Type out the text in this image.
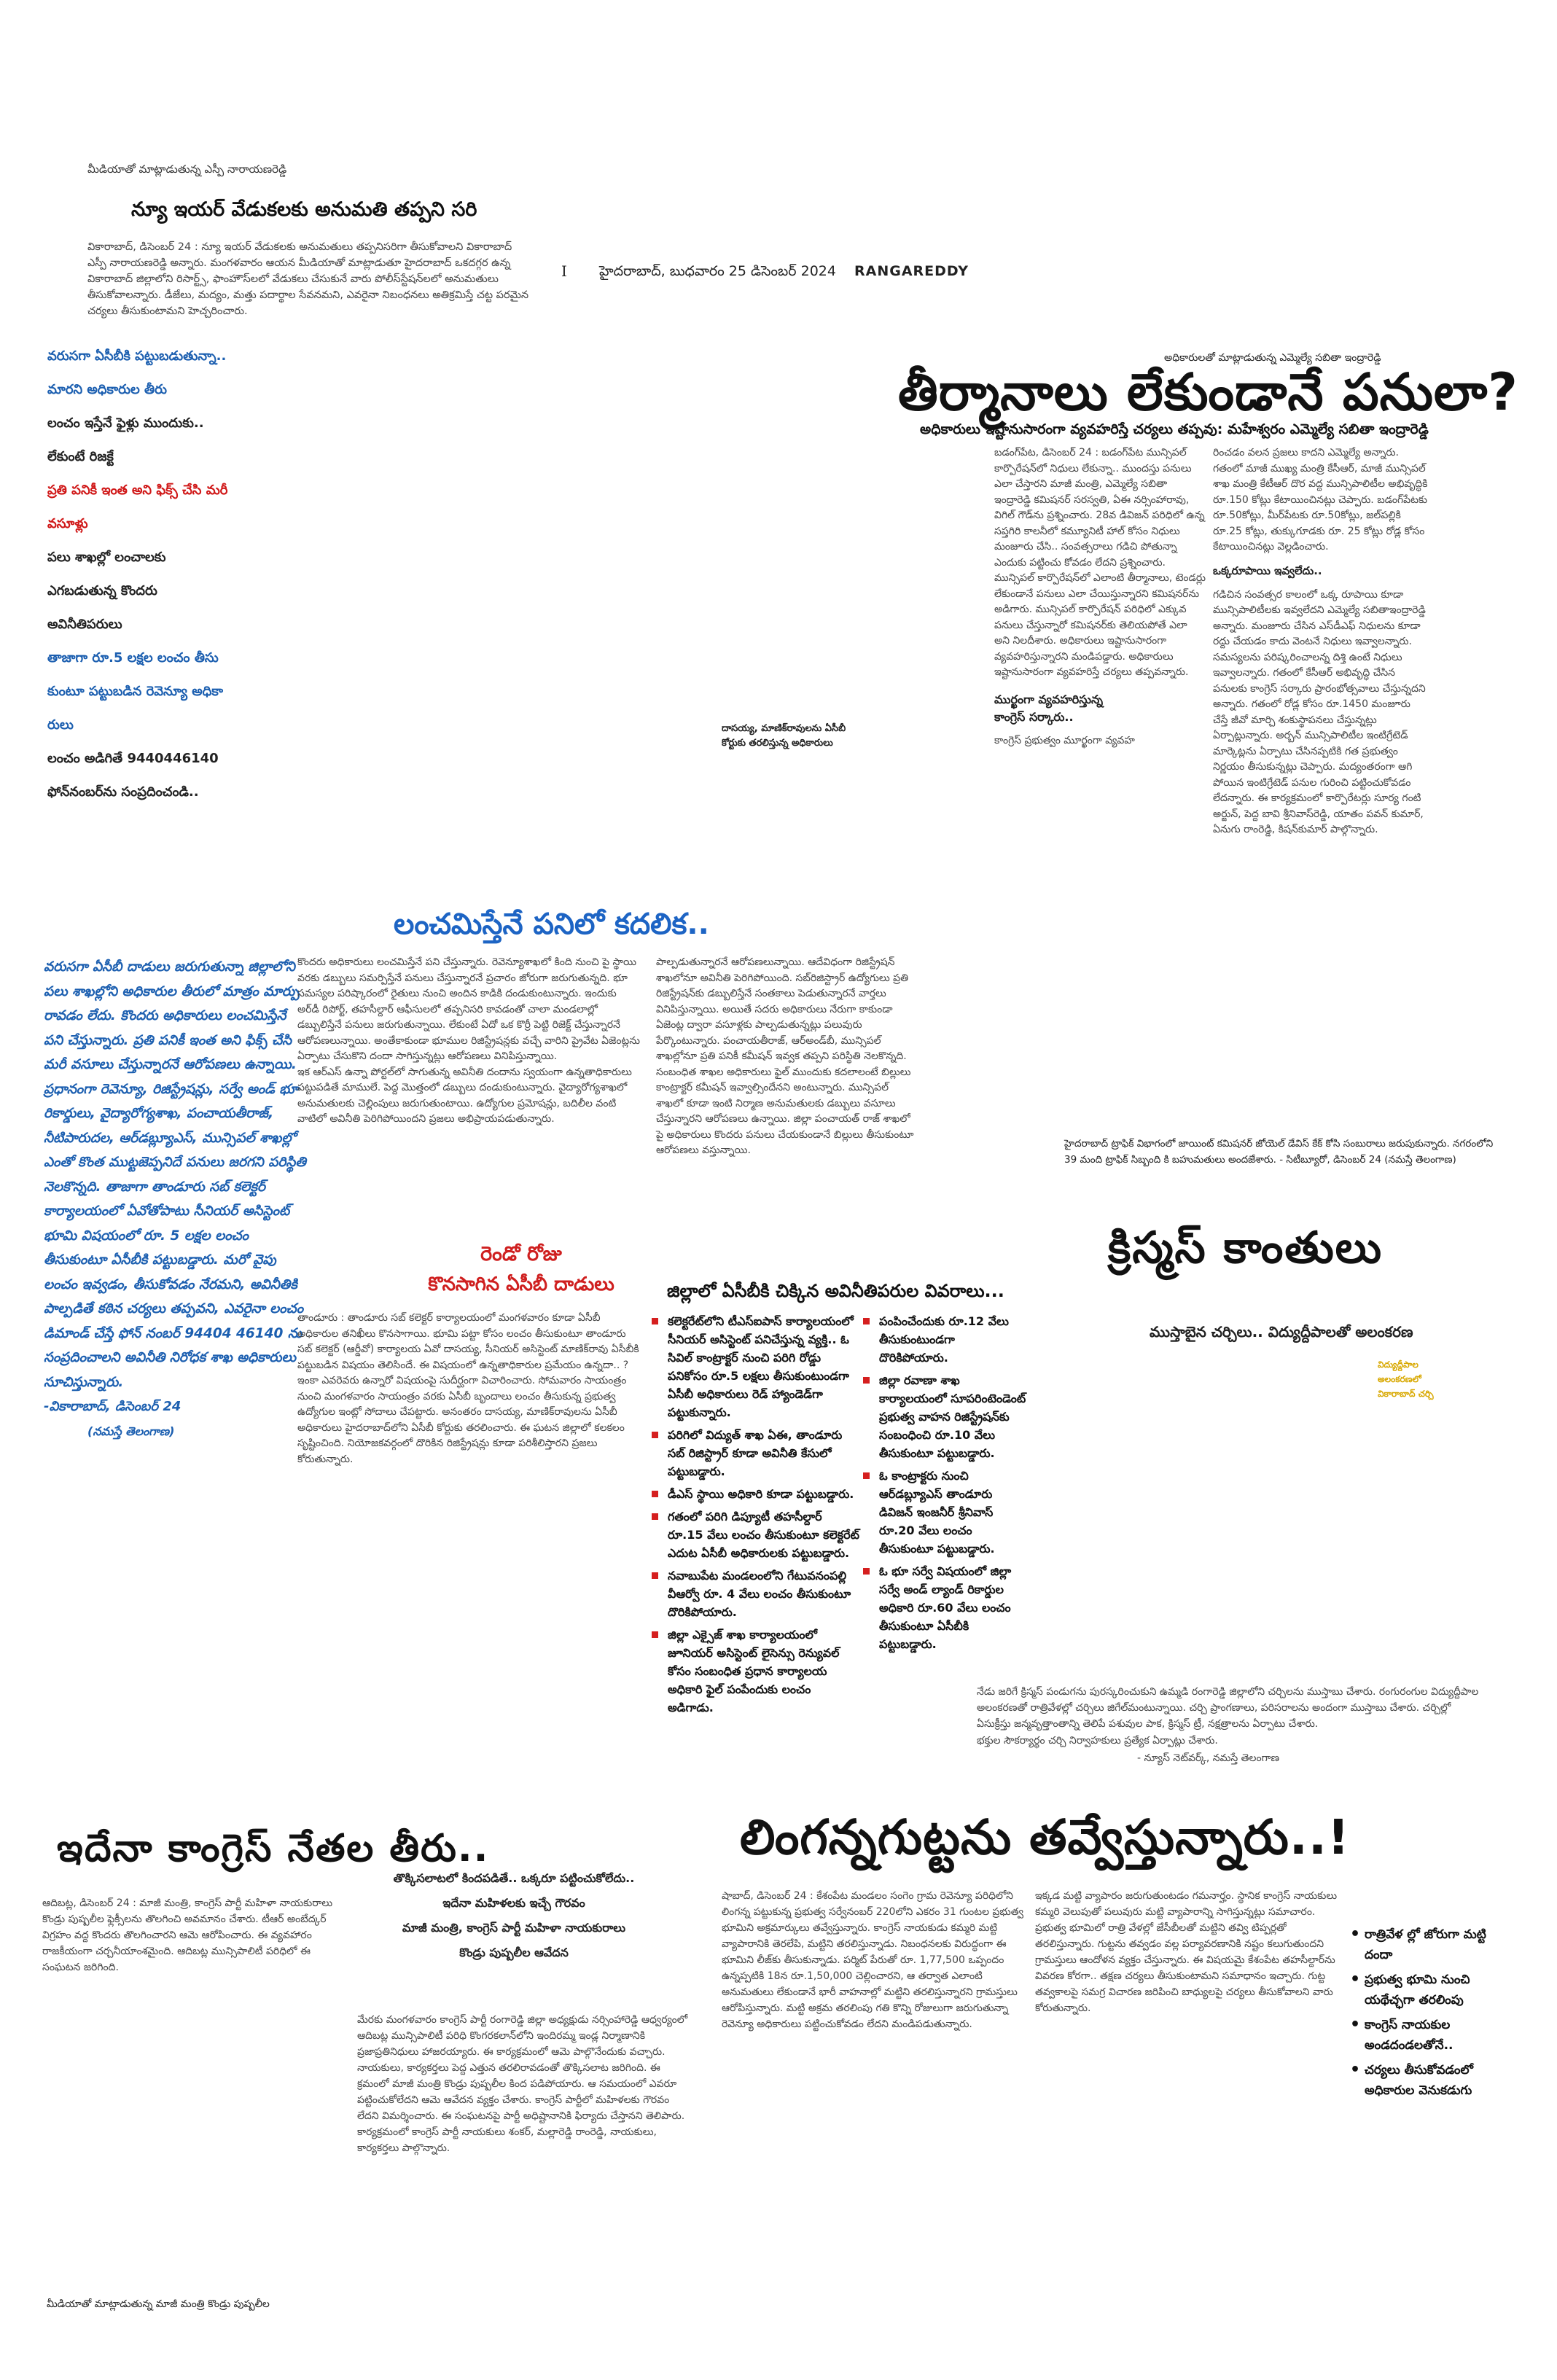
మీడియాతో మాట్లాడుతున్న ఎస్పీ నారాయణరెడ్డి
న్యూ ఇయర్ వేడుకలకు అనుమతి తప్పని సరి

వికారాబాద్, డిసెంబర్ 24 : న్యూ ఇయర్ వేడుకలకు అనుమతులు తప్పనిసరిగా తీసుకోవాలని వికారాబాద్ ఎస్పీ నారాయణరెడ్డి అన్నారు. మంగళవారం ఆయన మీడియాతో మాట్లాడుతూ హైదరాబాద్ ఒకదగ్గర ఉన్న వికారాబాద్ జిల్లాలోని రిసార్ట్స్, ఫాంహౌస్‌లలో వేడుకలు చేసుకునే వారు పోలీస్‌స్టేషన్‌లలో అనుమతులు తీసుకోవాలన్నారు. డీజేలు, మద్యం, మత్తు పదార్థాల సేవనమని, ఎవరైనా నిబంధనలు అతిక్రమిస్తే చట్ట పరమైన చర్యలు తీసుకుంటామని హెచ్చరించారు.

I హైదరాబాద్, బుధవారం 25 డిసెంబర్ 2024 RANGAREDDY
వరుసగా ఏసీబీకి పట్టుబడుతున్నా..
మారని అధికారుల తీరు
లంచం ఇస్తేనే ఫైళ్లు ముందుకు..
లేకుంటే రిజక్టే
ప్రతి పనికీ ఇంత అని ఫిక్స్ చేసి మరీ
వసూళ్లు
పలు శాఖల్లో లంచాలకు
ఎగబడుతున్న కొందరు
అవినీతిపరులు
తాజాగా రూ.5 లక్షల లంచం తీసు
కుంటూ పట్టుబడిన రెవెన్యూ అధికా
రులు
లంచం అడిగితే 9440446140
ఫోన్‌నంబర్‌ను సంప్రదించండి..
అధికారులతో మాట్లాడుతున్న ఎమ్మెల్యే సబితా ఇంద్రారెడ్డి
తీర్మానాలు లేకుండానే పనులా?
అధికారులు ఇష్టానుసారంగా వ్యవహరిస్తే చర్యలు తప్పవు: మహేశ్వరం ఎమ్మెల్యే సబితా ఇంద్రారెడ్డి

బడంగ్‌పేట, డిసెంబర్ 24 : బడంగ్‌పేట మున్సిపల్ కార్పొరేషన్‌లో నిధులు లేకున్నా.. ముందస్తు పనులు ఎలా చేస్తారని మాజీ మంత్రి, ఎమ్మెల్యే సబితా ఇంద్రారెడ్డి కమిషనర్ సరస్వతి, ఏఈ నర్సింహారావు, విగిల్ గౌడ్‌ను ప్రశ్నించారు. 28వ డివిజన్ పరిధిలో ఉన్న సప్తగిరి కాలనీలో కమ్యూనిటీ హాల్ కోసం నిధులు మంజూరు చేసి.. సంవత్సరాలు గడిచి పోతున్నా ఎందుకు పట్టించు కోవడం లేదని ప్రశ్నించారు. మున్సిపల్ కార్పొరేషన్‌లో ఎలాంటి తీర్మానాలు, టెండర్లు లేకుండానే పనులు ఎలా చేయిస్తున్నారని కమిషనర్‌ను అడిగారు. మున్సిపల్ కార్పొరేషన్ పరిధిలో ఎక్కువ పనులు చేస్తున్నారో కమిషనర్‌కు తెలియపోతే ఎలా అని నిలదీశారు. అధికారులు ఇష్టానుసారంగా వ్యవహరిస్తున్నారని మండిపడ్డారు. అధికారులు ఇష్టానుసారంగా వ్యవహరిస్తే చర్యలు తప్పవన్నారు.

ముర్ఖంగా వ్యవహరిస్తున్న
కాంగ్రెస్ సర్కారు..
కాంగ్రెస్ ప్రభుత్వం మూర్ఖంగా వ్యవహ

రించడం వలన ప్రజలు కాదని ఎమ్మెల్యే అన్నారు. గతంలో మాజీ ముఖ్య మంత్రి కేసీఆర్, మాజీ మున్సిపల్ శాఖ మంత్రి కేటీఆర్ దొర వద్ద మున్సిపాలిటీల అభివృద్ధికి రూ.150 కోట్లు కేటాయించినట్లు చెప్పారు. బడంగ్‌పేటకు రూ.50కోట్లు, మీర్‌పేటకు రూ.50కోట్లు, జల్‌పల్లికి రూ.25 కోట్లు, తుక్కుగూడకు రూ. 25 కోట్లు రోడ్ల కోసం కేటాయించినట్లు వెల్లడించారు.

ఒక్కరూపాయి ఇవ్వలేదు..

గడిచిన సంవత్సర కాలంలో ఒక్క రూపాయి కూడా మున్సిపాలిటీలకు ఇవ్వలేదని ఎమ్మెల్యే సబితాఇంద్రారెడ్డి అన్నారు. మంజూరు చేసిన ఎస్‌డీఎఫ్ నిధులను కూడా రద్దు చేయడం కాదు వెంటనే నిధులు ఇవ్వాలన్నారు. సమస్యలను పరిష్కరించాలన్న దిశ్తి ఉంటే నిధులు ఇవ్వాలన్నారు. గతంలో కేసీఆర్ అభివృద్ధి చేసిన పనులకు కాంగ్రెస్ సర్కారు ప్రారంభోత్సవాలు చేస్తున్నదని అన్నారు. గతంలో రోడ్ల కోసం రూ.1450 మంజూరు చేస్తే జీవో మార్చి శంకుస్థాపనలు చేస్తున్నట్లు ఏర్పాట్లున్నారు. అర్బన్ మున్సిపాలిటీల ఇంటిగ్రేటెడ్ మార్కెట్లను ఏర్పాటు చేసినప్పటికి గత ప్రభుత్వం నిర్ణయం తీసుకున్నట్లు చెప్పారు. మద్యంతరంగా ఆగి పోయిన ఇంటిగ్రేటెడ్ పనుల గురించి పట్టించుకోవడం లేదన్నారు. ఈ కార్యక్రమంలో కార్పొరేటర్లు సూర్య గంటి అర్జున్, పెద్ద బావి శ్రీనివాస్‌రెడ్డి, యాతం పవన్ కుమార్, ఏనుగు రాంరెడ్డి, కిషన్‌కుమార్ పాల్గొన్నారు.

దాసయ్య, మాణిక్‌రావులను ఏసీబీ
కోర్టుకు తరలిస్తున్న అధికారులు
లంచమిస్తేనే పనిలో కదలిక..

వరుసగా ఏసీబీ దాడులు జరుగుతున్నా జిల్లాలోని పలు శాఖల్లోని అధికారుల తీరులో మాత్రం మార్పు రావడం లేదు. కొందరు అధికారులు లంచమిస్తేనే పని చేస్తున్నారు. ప్రతి పనికీ ఇంత అని ఫిక్స్ చేసి మరీ వసూలు చేస్తున్నారనే ఆరోపణలు ఉన్నాయి. ప్రధానంగా రెవెన్యూ, రిజిస్ట్రేషన్లు, సర్వే అండ్ భూ రికార్డులు, వైద్యారోగ్యశాఖ, పంచాయతీరాజ్, నీటిపారుదల, ఆర్‌డబ్ల్యూఎస్, మున్సిపల్ శాఖల్లో ఎంతో కొంత ముట్టజెప్పనిదే పనులు జరగని పరిస్థితి నెలకొన్నది. తాజాగా తాండూరు సబ్ కలెక్టర్ కార్యాలయంలో ఏవోతోపాటు సీనియర్ అసిస్టెంట్ భూమి విషయంలో రూ. 5 లక్షల లంచం తీసుకుంటూ ఏసీబీకి పట్టుబడ్డారు. మరో వైపు లంచం ఇవ్వడం, తీసుకోవడం నేరమని, అవినీతికి పాల్పడితే కఠిన చర్యలు తప్పవని, ఎవరైనా లంచం డిమాండ్ చేస్తే ఫోన్ నంబర్ 94404 46140 ను సంప్రదించాలని అవినీతి నిరోధక శాఖ అధికారులు సూచిస్తున్నారు.

-వికారాబాద్, డిసెంబర్ 24
(నమస్తే తెలంగాణ)

కొందరు అధికారులు లంచమిస్తేనే పని చేస్తున్నారు. రెవెన్యూశాఖలో కింది నుంచి పై స్థాయి వరకు డబ్బులు సమర్పిస్తేనే పనులు చేస్తున్నారనే ప్రచారం జోరుగా జరుగుతున్నది. భూ సమస్యల పరిష్కారంలో రైతులు నుంచి అందిన కాడికి దండుకుంటున్నారు. ఇందుకు అర్‌డీ రిపోర్ట్, తహసీల్దార్ ఆఫీసులలో తప్పనిసరి కావడంతో చాలా మండలాల్లో డబ్బులిస్తేనే పనులు జరుగుతున్నాయి. లేకుంటే ఏదో ఒక కొర్రీ పెట్టి రిజెక్ట్ చేస్తున్నారనే ఆరోపణలున్నాయి. అంతేకాకుండా భూముల రిజిస్ట్రేషన్లకు వచ్చే వారిని ప్రైవేట ఏజెంట్లను ఏర్పాటు చేసుకొని దందా సాగిస్తున్నట్లు ఆరోపణలు వినిపిస్తున్నాయి.

ఇక ఆర్‌ఎస్ ఉన్నా పోర్టల్‌లో సాగుతున్న అవినీతి దందాను స్వయంగా ఉన్నతాధికారులు పట్టుపడితే మాములే. పెద్ద మొత్తంలో డబ్బులు దండుకుంటున్నారు. వైద్యారోగ్యశాఖలో అనుమతులకు చెల్లింపులు జరుగుతుంటాయి. ఉద్యోగుల ప్రమోషన్లు, బదిలీల వంటి వాటిలో అవినీతి పెరిగిపోయిందని ప్రజలు అభిప్రాయపడుతున్నారు.

పాల్పడుతున్నారనే ఆరోపణలున్నాయి. ఆదేవిధంగా రిజిస్ట్రేషన్ శాఖలోనూ అవినీతి పెరిగిపోయింది. సబ్‌రిజిస్ట్రార్ ఉద్యోగులు ప్రతి రిజిస్ట్రేషన్‌కు డబ్బులిస్తేనే సంతకాలు పెడుతున్నారనే వార్తలు వినిపిస్తున్నాయి. అయితే సదరు అధికారులు నేరుగా కాకుండా ఏజెంట్ల ద్వారా వసూళ్లకు పాల్పడుతున్నట్లు పలువురు పేర్కొంటున్నారు. పంచాయతీరాజ్, ఆర్‌అండ్‌బీ, మున్సిపల్ శాఖల్లోనూ ప్రతి పనికీ కమీషన్ ఇవ్వక తప్పని పరిస్థితి నెలకొన్నది. సంబంధిత శాఖల అధికారులు ఫైల్ ముందుకు కదలాలంటే బిల్లులు కాంట్రాక్టర్ కమీషన్ ఇవ్వాల్సిందేనని అంటున్నారు. మున్సిపల్ శాఖలో కూడా ఇంటి నిర్మాణ అనుమతులకు డబ్బులు వసూలు చేస్తున్నారని ఆరోపణలు ఉన్నాయి. జిల్లా పంచాయత్ రాజ్ శాఖలో పై అధికారులు కొందరు పనులు చేయకుండానే బిల్లులు తీసుకుంటూ ఆరోపణలు వస్తున్నాయి.

రెండో రోజు
కొనసాగిన ఏసీబీ దాడులు

తాండూరు : తాండూరు సబ్ కలెక్టర్ కార్యాలయంలో మంగళవారం కూడా ఏసీబీ అధికారుల తనిఖీలు కొనసాగాయి. భూమి పట్టా కోసం లంచం తీసుకుంటూ తాండూరు సబ్ కలెక్టర్ (ఆర్డీవో) కార్యాలయ ఏవో దాసయ్య, సీనియర్ అసిస్టెంట్ మాణిక్‌రావు ఏసీబీకి పట్టుబడిన విషయం తెలిసిందే. ఈ విషయంలో ఉన్నతాధికారుల ప్రమేయం ఉన్నదా.. ? ఇంకా ఎవరెవరు ఉన్నారో విషయంపై సుదీర్ఘంగా విచారించారు. సోమవారం సాయంత్రం నుంచి మంగళవారం సాయంత్రం వరకు ఏసీబీ బృందాలు లంచం తీసుకున్న ప్రభుత్వ ఉద్యోగుల ఇంట్లో సోదాలు చేపట్టారు. అనంతరం దాసయ్య, మాణిక్‌రావులను ఏసీబీ అధికారులు హైదరాబాద్‌లోని ఏసీబీ కోర్టుకు తరలించారు. ఈ ఘటన జిల్లాలో కలకలం సృష్టించింది. నియోజకవర్గంలో దొరికిన రిజిస్ట్రేషన్లు కూడా పరిశీలిస్తారని ప్రజలు కోరుతున్నారు.

జిల్లాలో ఏసీబీకి చిక్కిన అవినీతిపరుల వివరాలు...
కలెక్టరేట్‌లోని టీఎస్‌ఐపాస్ కార్యాలయంలో సీనియర్ అసిస్టెంట్ పనిచేస్తున్న వ్యక్తి.. ఓ సివిల్ కాంట్రాక్టర్ నుంచి పరిగి రోడ్డు పనికోసం రూ.5 లక్షలు తీసుకుంటుండగా ఏసీబీ అధికారులు రెడ్ హ్యాండెడ్‌గా పట్టుకున్నారు.
పరిగిలో విద్యుత్ శాఖ ఏఈ, తాండూరు సబ్ రిజిస్ట్రార్ కూడా అవినీతి కేసులో పట్టుబడ్డారు.
డీఎస్ స్థాయి అధికారి కూడా పట్టుబడ్డారు.
గతంలో పరిగి డిప్యూటీ తహసీల్దార్ రూ.15 వేలు లంచం తీసుకుంటూ కలెక్టరేట్ ఎదుట ఏసీబీ అధికారులకు పట్టుబడ్డారు.
నవాబుపేట మండలంలోని గేటువనంపల్లి వీఆర్వో రూ. 4 వేలు లంచం తీసుకుంటూ దొరికిపోయారు.
జిల్లా ఎక్సైజ్ శాఖ కార్యాలయంలో జూనియర్ అసిస్టెంట్ లైసెన్సు రెన్యువల్ కోసం సంబంధిత ప్రధాన కార్యాలయ అధికారి ఫైల్ పంపేందుకు లంచం అడిగాడు.
పంపించేందుకు రూ.12 వేలు తీసుకుంటుండగా దొరికిపోయారు.
జిల్లా రవాణా శాఖ కార్యాలయంలో సూపరింటెండెంట్ ప్రభుత్వ వాహన రిజిస్ట్రేషన్‌కు సంబంధించి రూ.10 వేలు తీసుకుంటూ పట్టుబడ్డారు.
ఓ కాంట్రాక్టరు నుంచి ఆర్‌డబ్ల్యూఎస్ తాండూరు డివిజన్ ఇంజనీర్ శ్రీనివాస్ రూ.20 వేలు లంచం తీసుకుంటూ పట్టుబడ్డారు.
ఓ భూ సర్వే విషయంలో జిల్లా సర్వే అండ్ ల్యాండ్ రికార్డుల అధికారి రూ.60 వేలు లంచం తీసుకుంటూ ఏసీబీకి పట్టుబడ్డారు.
హైదరాబాద్ ట్రాఫిక్ విభాగంలో జాయింట్ కమిషనర్ జోయెల్ డేవిస్ కేక్ కోసి సంబురాలు జరుపుకున్నారు. నగరంలోని 39 మంది ట్రాఫిక్ సిబ్బంది కి బహుమతులు అందజేశారు. - సిటీబ్యూరో, డిసెంబర్ 24 (నమస్తే తెలంగాణ)
క్రిస్మస్ కాంతులు
ముస్తాబైన చర్చిలు.. విద్యుద్దీపాలతో అలంకరణ
విద్యుద్దీపాల
అలంకరణలో
వికారాబాద్ చర్చి

నేడు జరిగే క్రిస్మస్ పండుగను పురస్కరించుకుని ఉమ్మడి రంగారెడ్డి జిల్లాలోని చర్చిలను ముస్తాబు చేశారు. రంగురంగుల విద్యుద్దీపాల అలంకరణతో రాత్రివేళల్లో చర్చిలు జిగేల్‌మంటున్నాయి. చర్చి ప్రాంగణాలు, పరిసరాలను అందంగా ముస్తాబు చేశారు. చర్చిల్లో ఏసుక్రీస్తు జన్మవృత్తాంతాన్ని తెలిపే పశువుల పాక, క్రిస్మస్ ట్రీ, నక్షత్రాలను ఏర్పాటు చేశారు.

భక్తుల సౌకర్యార్థం చర్చి నిర్వాహకులు ప్రత్యేక ఏర్పాట్లు చేశారు.
- న్యూస్ నెట్‌వర్క్, నమస్తే తెలంగాణ
ఇదేనా కాంగ్రెస్ నేతల తీరు..

ఆదిబట్ల, డిసెంబర్ 24 : మాజీ మంత్రి, కాంగ్రెస్ పార్టీ మహిళా నాయకురాలు కొండ్రు పుష్పలీల ఫ్లెక్సీలను తొలగించి అవమానం చేశారు. టీఆర్ అంబేద్కర్ విగ్రహం వద్ద కొందరు తొలగించారని ఆమె ఆరోపించారు. ఈ వ్యవహారం రాజకీయంగా చర్చనీయాంశమైంది. ఆదిబట్ల మున్సిపాలిటీ పరిధిలో ఈ సంఘటన జరిగింది.

తొక్కిసలాటలో కిందపడితే.. ఒక్కరూ పట్టించుకోలేదు..
ఇదేనా మహిళలకు ఇచ్చే గౌరవం
మాజీ మంత్రి, కాంగ్రెస్ పార్టీ మహిళా నాయకురాలు
కొండ్రు పుష్పలీల ఆవేదన

మేరకు మంగళవారం కాంగ్రెస్ పార్టీ రంగారెడ్డి జిల్లా అధ్యక్షుడు నర్సింహారెడ్డి ఆధ్వర్యంలో ఆదిబట్ల మున్సిపాలిటీ పరిధి కొంగరకలాన్‌లోని ఇందిరమ్మ ఇండ్ల నిర్మాణానికి ప్రజాప్రతినిధులు హాజరయ్యారు. ఈ కార్యక్రమంలో ఆమె పాల్గొనేందుకు వచ్చారు. నాయకులు, కార్యకర్తలు పెద్ద ఎత్తున తరలిరావడంతో తొక్కిసలాట జరిగింది. ఈ క్రమంలో మాజీ మంత్రి కొండ్రు పుష్పలీల కింద పడిపోయారు. ఆ సమయంలో ఎవరూ పట్టించుకోలేదని ఆమె ఆవేదన వ్యక్తం చేశారు. కాంగ్రెస్ పార్టీలో మహిళలకు గౌరవం లేదని విమర్శించారు. ఈ సంఘటనపై పార్టీ అధిష్టానానికి ఫిర్యాదు చేస్తానని తెలిపారు. కార్యక్రమంలో కాంగ్రెస్ పార్టీ నాయకులు శంకర్, మల్లారెడ్డి రాంరెడ్డి, నాయకులు, కార్యకర్తలు పాల్గొన్నారు.

మీడియాతో మాట్లాడుతున్న మాజీ మంత్రి కొండ్రు పుష్పలీల
లింగన్నగుట్టను తవ్వేస్తున్నారు..!

షాబాద్, డిసెంబర్ 24 : కేశంపేట మండలం సంగెం గ్రామ రెవెన్యూ పరిధిలోని లింగన్న పట్టుకున్న ప్రభుత్వ సర్వేనంబర్ 220లోని ఎకరం 31 గుంటల ప్రభుత్వ భూమిని అక్రమార్కులు తవ్వేస్తున్నారు. కాంగ్రెస్ నాయకుడు కమ్మరి మట్టి వ్యాపారానికి తెరలేపి, మట్టిని తరలిస్తున్నాడు. నిబంధనలకు విరుద్ధంగా ఈ భూమిని లీజ్‌కు తీసుకున్నాడు. పర్మిట్ పేరుతో రూ. 1,77,500 ఒప్పందం ఉన్నప్పటికి 18న రూ.1,50,000 చెల్లించారని, ఆ తర్వాత ఎలాంటి అనుమతులు లేకుండానే భారీ వాహనాల్లో మట్టిని తరలిస్తున్నారని గ్రామస్తులు ఆరోపిస్తున్నారు. మట్టి అక్రమ తరలింపు గతి కొన్ని రోజులుగా జరుగుతున్నా రెవెన్యూ అధికారులు పట్టించుకోవడం లేదని మండిపడుతున్నారు.

ఇక్కడ మట్టి వ్యాపారం జరుగుతుంటడం గమనార్హం. స్థానిక కాంగ్రెస్ నాయకులు కమ్మరి వెలుపుతో పలువురు మట్టి వ్యాపారాన్ని సాగిస్తున్నట్లు సమాచారం. ప్రభుత్వ భూమిలో రాత్రి వేళల్లో జేసీబీలతో మట్టిని తవ్వి టిప్పర్లతో తరలిస్తున్నారు. గుట్టను తవ్వడం వల్ల పర్యావరణానికి నష్టం కలుగుతుందని గ్రామస్తులు ఆందోళన వ్యక్తం చేస్తున్నారు. ఈ విషయమై కేశంపేట తహసీల్దార్‌ను వివరణ కోరగా.. తక్షణ చర్యలు తీసుకుంటామని సమాధానం ఇచ్చారు. గుట్ట తవ్వకాలపై సమగ్ర విచారణ జరిపించి బాధ్యులపై చర్యలు తీసుకోవాలని వారు కోరుతున్నారు.

• రాత్రివేళ ల్లో జోరుగా మట్టి దందా
• ప్రభుత్వ భూమి నుంచి యథేచ్ఛగా తరలింపు
• కాంగ్రెస్ నాయకుల అండదండలతోనే..
• చర్యలు తీసుకోవడంలో అధికారుల వెనుకడుగు
